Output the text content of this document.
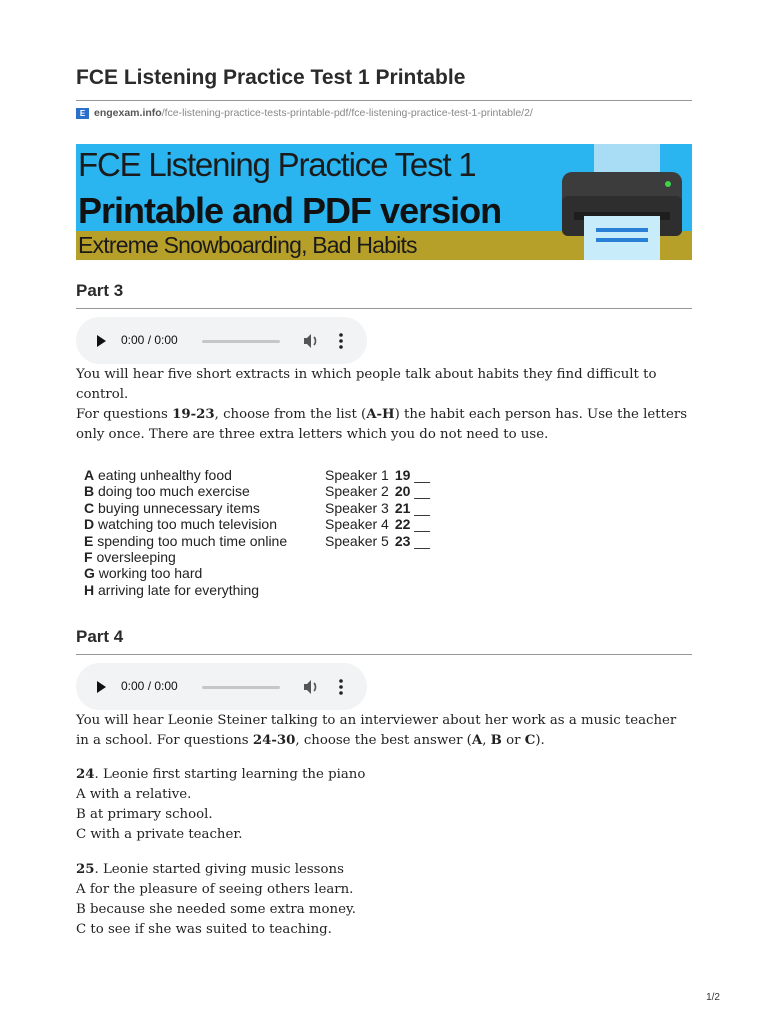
FCE Listening Practice Test 1 Printable
E engexam.info /fce-listening-practice-tests-printable-pdf/fce-listening-practice-test-1-printable/2/
FCE Listening Practice Test 1
Printable and PDF version
Extreme Snowboarding, Bad Habits
Part 3
0:00 / 0:00
You will hear five short extracts in which people talk about habits they find difficult to control.
For questions 19-23, choose from the list (A-H) the habit each person has. Use the letters only once. There are three extra letters which you do not need to use.
A eating unhealthy food
B doing too much exercise
C buying unnecessary items
D watching too much television
E spending too much time online
F oversleeping
G working too hard
H arriving late for everything
Speaker 1 19 __
Speaker 2 20 __
Speaker 3 21 __
Speaker 4 22 __
Speaker 5 23 __
Part 4
0:00 / 0:00
You will hear Leonie Steiner talking to an interviewer about her work as a music teacher in a school. For questions 24-30, choose the best answer (A, B or C).
24. Leonie first starting learning the piano
A with a relative.
B at primary school.
C with a private teacher.
25. Leonie started giving music lessons
A for the pleasure of seeing others learn.
B because she needed some extra money.
C to see if she was suited to teaching.
1/2
